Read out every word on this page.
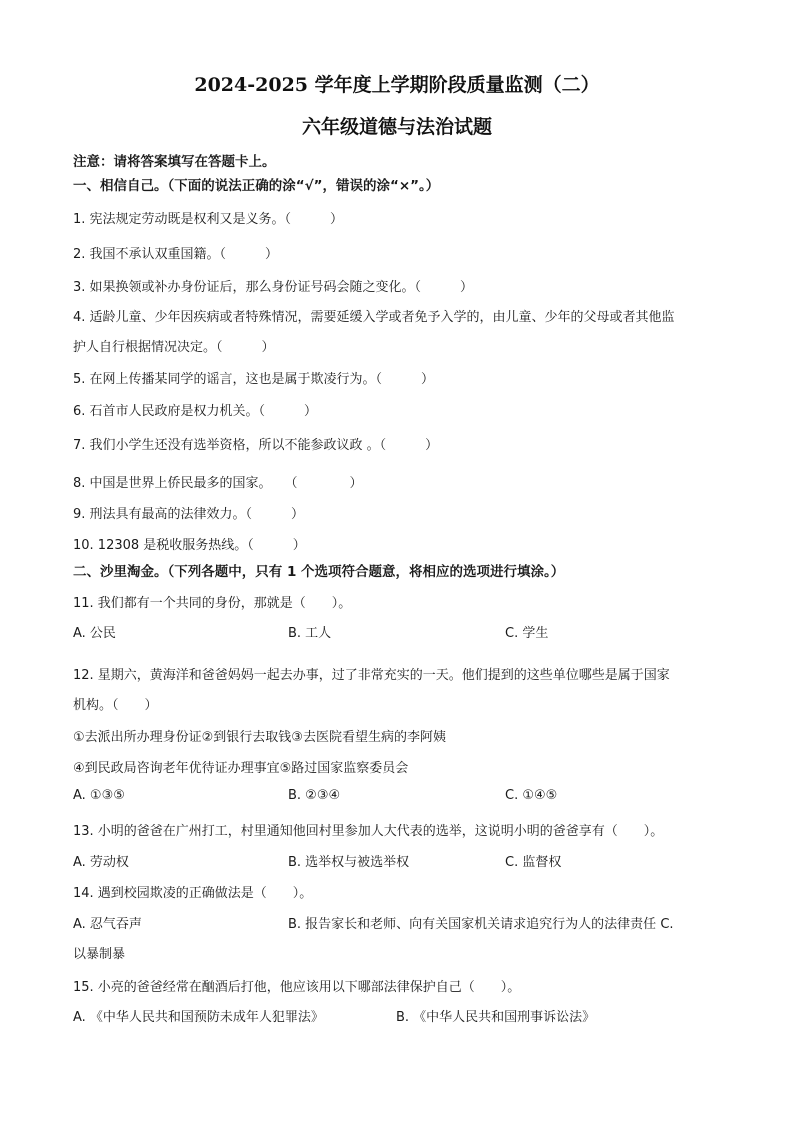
2024-2025 学年度上学期阶段质量监测（二）
六年级道德与法治试题
注意：请将答案填写在答题卡上。
一、相信自己。（下面的说法正确的涂“√”，错误的涂“×”。）
1. 宪法规定劳动既是权利又是义务。（　　　）
2. 我国不承认双重国籍。（　　　）
3. 如果换领或补办身份证后，那么身份证号码会随之变化。（　　　）
4. 适龄儿童、少年因疾病或者特殊情况，需要延缓入学或者免予入学的，由儿童、少年的父母或者其他监
护人自行根据情况决定。（　　　）
5. 在网上传播某同学的谣言，这也是属于欺凌行为。（　　　）
6. 石首市人民政府是权力机关。（　　　）
7. 我们小学生还没有选举资格，所以不能参政议政 。（　　　）
8. 中国是世界上侨民最多的国家。　　（　　　　）
9. 刑法具有最高的法律效力。（　　　）
10. 12308 是税收服务热线。（　　　）
二、沙里淘金。（下列各题中，只有 1 个选项符合题意，将相应的选项进行填涂。）
11. 我们都有一个共同的身份，那就是（　　）。
A. 公民	B. 工人	C. 学生
12. 星期六，黄海洋和爸爸妈妈一起去办事，过了非常充实的一天。他们提到的这些单位哪些是属于国家
机构。（　　）
①去派出所办理身份证②到银行去取钱③去医院看望生病的李阿姨
④到民政局咨询老年优待证办理事宜⑤路过国家监察委员会
A. ①③⑤	B. ②③④	C. ①④⑤
13. 小明的爸爸在广州打工，村里通知他回村里参加人大代表的选举，这说明小明的爸爸享有（　　）。
A. 劳动权	B. 选举权与被选举权	C. 监督权
14. 遇到校园欺凌的正确做法是（　　）。
A. 忍气吞声	B. 报告家长和老师、向有关国家机关请求追究行为人的法律责任 C.
以暴制暴
15. 小亮的爸爸经常在酗酒后打他，他应该用以下哪部法律保护自己（　　）。
A. 《中华人民共和国预防未成年人犯罪法》	B. 《中华人民共和国刑事诉讼法》
